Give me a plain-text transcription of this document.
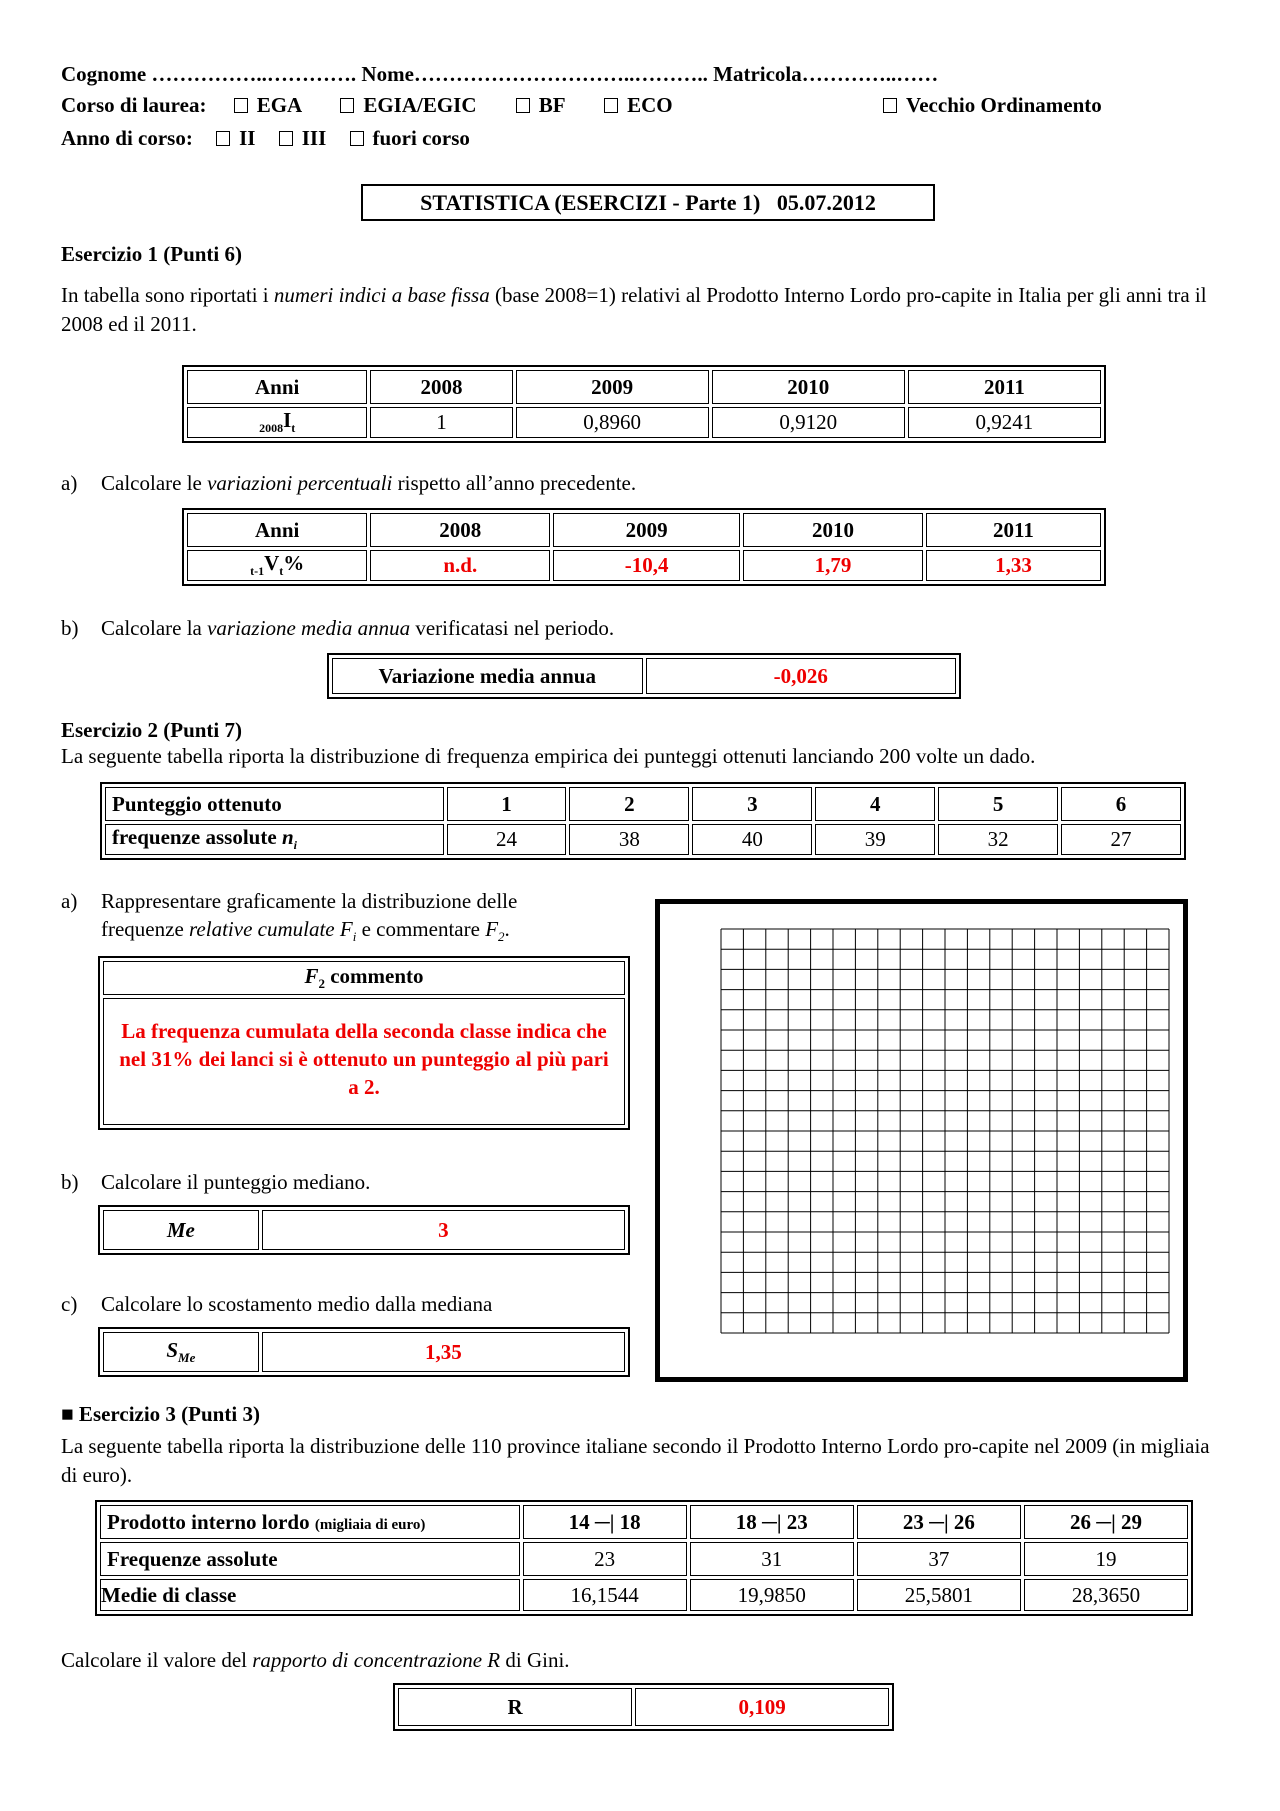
Cognome ……………..…………. Nome…………………………..……….. Matricola…………..……
Corso di laurea: EGA	EGIA/EGIC	BF	ECO	Vecchio Ordinamento
Anno di corso: II III fuori corso
STATISTICA (ESERCIZI - Parte 1)   05.07.2012
Esercizio 1 (Punti 6)
In tabella sono riportati i numeri indici a base fissa (base 2008=1) relativi al Prodotto Interno Lordo pro-capite in Italia per gli anni tra il 2008 ed il 2011.
Anni	2008	2009	2010	2011
$_{2008}I_t$	1	0,8960	0,9120	0,9241
a) Calcolare le variazioni percentuali rispetto all’anno precedente.
Anni	2008	2009	2010	2011
$_{t-1}V_t\%$	n.d.	-10,4	1,79	1,33
b) Calcolare la variazione media annua verificatasi nel periodo.
Variazione media annua	-0,026
Esercizio 2 (Punti 7)
La seguente tabella riporta la distribuzione di frequenza empirica dei punteggi ottenuti lanciando 200 volte un dado.
Punteggio ottenuto	1	2	3	4	5	6
frequenze assolute $n_i$	24	38	40	39	32	27
a) Rappresentare graficamente la distribuzione delle
frequenze relative cumulate $F_i$ e commentare $F_2$.
$F_2$ commento
La frequenza cumulata della seconda classe indica che nel 31% dei lanci si è ottenuto un punteggio al più pari a 2.
b) Calcolare il punteggio mediano.
Me	3
c) Calcolare lo scostamento medio dalla mediana
$S_{Me}$	1,35
■ Esercizio 3 (Punti 3)
La seguente tabella riporta la distribuzione delle 110 province italiane secondo il Prodotto Interno Lordo pro-capite nel 2009 (in migliaia di euro).
Prodotto interno lordo (migliaia di euro)	14 ─| 18	18 ─| 23	23 ─| 26	26 ─| 29
Frequenze assolute	23	31	37	19
Medie di classe	16,1544	19,9850	25,5801	28,3650
Calcolare il valore del rapporto di concentrazione R di Gini.
R	0,109
